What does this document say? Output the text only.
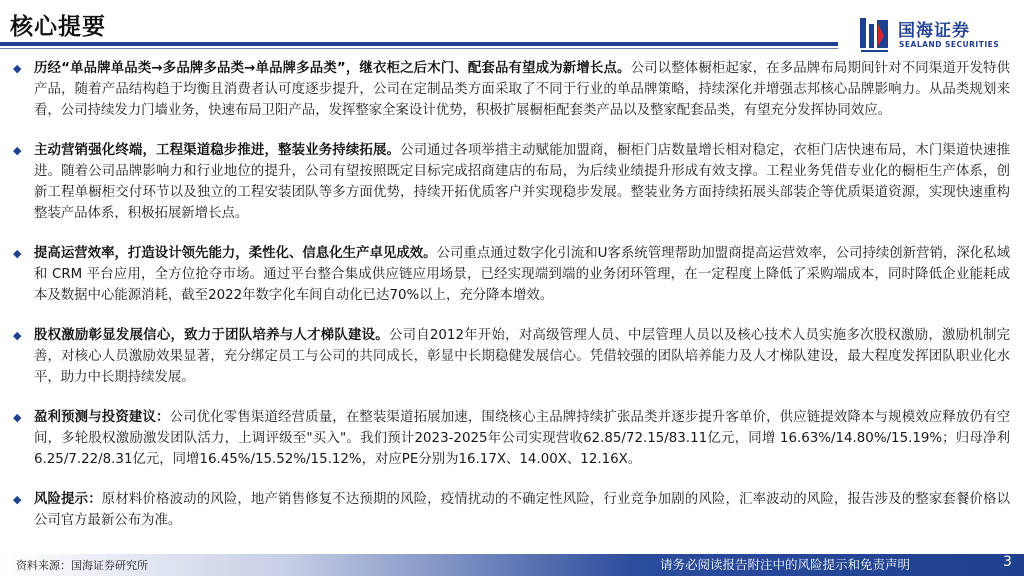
核心提要	国海证券
SEALAND SECURITIES
◆ 历经“单品牌单品类→多品牌多品类→单品牌多品类”，继衣柜之后木门、配套品有望成为新增长点。公司以整体橱柜起家，在多品牌布局期间针对不同渠道开发特供产品，随着产品结构趋于均衡且消费者认可度逐步提升，公司在定制品类方面采取了不同于行业的单品牌策略，持续深化并增强志邦核心品牌影响力。从品类规划来看，公司持续发力门墙业务，快速布局卫阳产品，发挥整家全案设计优势，积极扩展橱柜配套类产品以及整家配套品类，有望充分发挥协同效应。
◆ 主动营销强化终端，工程渠道稳步推进，整装业务持续拓展。公司通过各项举措主动赋能加盟商，橱柜门店数量增长相对稳定，衣柜门店快速布局，木门渠道快速推进。随着公司品牌影响力和行业地位的提升，公司有望按照既定目标完成招商建店的布局，为后续业绩提升形成有效支撑。工程业务凭借专业化的橱柜生产体系，创新工程单橱柜交付环节以及独立的工程安装团队等多方面优势，持续开拓优质客户并实现稳步发展。整装业务方面持续拓展头部装企等优质渠道资源，实现快速重构整装产品体系，积极拓展新增长点。
◆ 提高运营效率，打造设计领先能力，柔性化、信息化生产卓见成效。公司重点通过数字化引流和U客系统管理帮助加盟商提高运营效率，公司持续创新营销，深化私域和 CRM 平台应用，全方位抢夺市场。通过平台整合集成供应链应用场景，已经实现端到端的业务闭环管理，在一定程度上降低了采购端成本，同时降低企业能耗成本及数据中心能源消耗，截至2022年数字化车间自动化已达70%以上，充分降本增效。
◆ 股权激励彰显发展信心，致力于团队培养与人才梯队建设。公司自2012年开始，对高级管理人员、中层管理人员以及核心技术人员实施多次股权激励，激励机制完善，对核心人员激励效果显著，充分绑定员工与公司的共同成长，彰显中长期稳健发展信心。凭借较强的团队培养能力及人才梯队建设，最大程度发挥团队职业化水平，助力中长期持续发展。
◆ 盈利预测与投资建议：公司优化零售渠道经营质量，在整装渠道拓展加速，围绕核心主品牌持续扩张品类并逐步提升客单价，供应链提效降本与规模效应释放仍有空间，多轮股权激励激发团队活力，上调评级至"买入"。我们预计2023-2025年公司实现营收62.85/72.15/83.11亿元，同增 16.63%/14.80%/15.19%；归母净利6.25/7.22/8.31亿元，同增16.45%/15.52%/15.12%，对应PE分别为16.17X、14.00X、12.16X。
◆ 风险提示：原材料价格波动的风险，地产销售修复不达预期的风险，疫情扰动的不确定性风险，行业竞争加剧的风险，汇率波动的风险，报告涉及的整家套餐价格以公司官方最新公布为准。
资料来源：国海证券研究所	请务必阅读报告附注中的风险提示和免责声明	3
